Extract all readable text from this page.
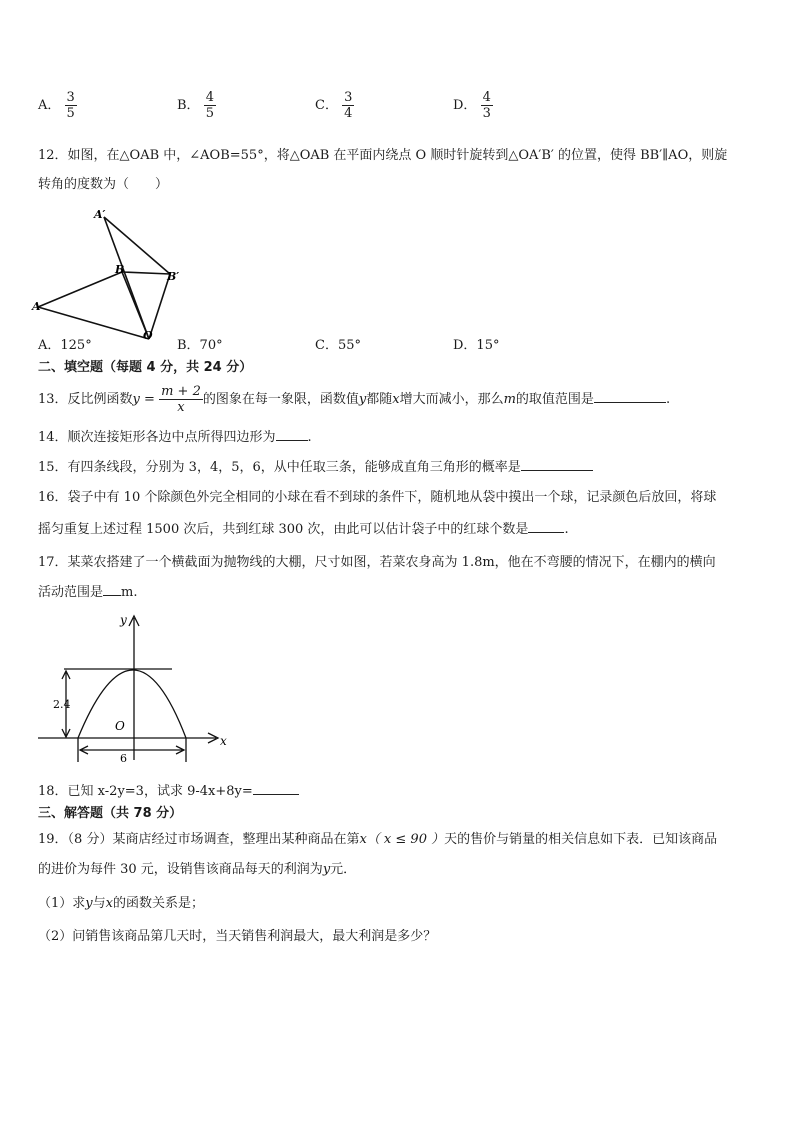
A． $\frac{3}{5}$	B． $\frac{4}{5}$	C． $\frac{3}{4}$	D． $\frac{4}{3}$
12．如图，在△OAB 中，∠AOB=55°，将△OAB 在平面内绕点 O 顺时针旋转到△OA′B′ 的位置，使得 BB′∥AO，则旋
转角的度数为（　　）
A′
B
B′
A
O
A．125°	B．70°	C．55°	D．15°
二、填空题（每题 4 分，共 24 分）
13．反比例函数$y = \frac{m + 2}{x}$ 的图象在每一象限，函数值y都随x增大而减小，那么m的取值范围是	.
14．顺次连接矩形各边中点所得四边形为 .
15．有四条线段，分别为 3，4，5，6，从中任取三条，能够成直角三角形的概率是
16．袋子中有 10 个除颜色外完全相同的小球在看不到球的条件下，随机地从袋中摸出一个球，记录颜色后放回，将球
摇匀重复上述过程 1500 次后，共到红球 300 次，由此可以估计袋子中的红球个数是	.
17．某菜农搭建了一个横截面为抛物线的大棚，尺寸如图，若菜农身高为 1.8m，他在不弯腰的情况下，在棚内的横向
活动范围是 m.
y
x
O
2.4
6
18．已知 x-2y=3，试求 9-4x+8y=
三、解答题（共 78 分）
19．（8 分）某商店经过市场调查，整理出某种商品在第x（ x ≤ 90 ）天的售价与销量的相关信息如下表．已知该商品
的进价为每件 30 元，设销售该商品每天的利润为y元．
（1）求y与x的函数关系是；
（2）问销售该商品第几天时，当天销售利润最大，最大利润是多少？
